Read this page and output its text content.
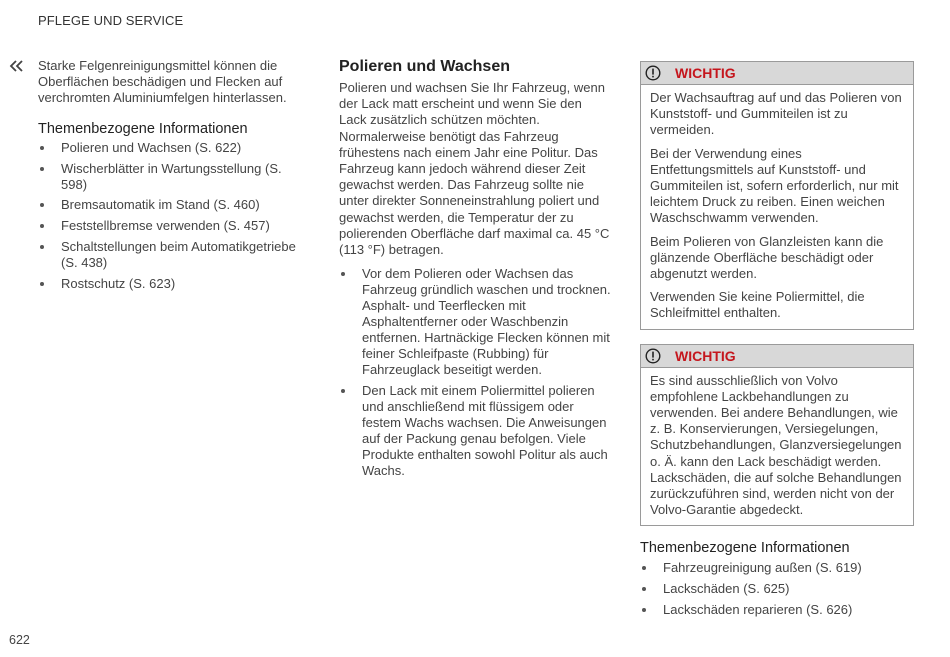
PFLEGE UND SERVICE

Starke Felgenreinigungsmittel können die Oberflächen beschädigen und Flecken auf verchromten Aluminiumfelgen hinterlassen.

Themenbezogene Informationen
Polieren und Wachsen (S. 622)
Wischerblätter in Wartungsstellung (S. 598)
Bremsautomatik im Stand (S. 460)
Feststellbremse verwenden (S. 457)
Schaltstellungen beim Automatikgetriebe (S. 438)
Rostschutz (S. 623)
Polieren und Wachsen

Polieren und wachsen Sie Ihr Fahrzeug, wenn der Lack matt erscheint und wenn Sie den Lack zusätzlich schützen möchten. Normalerweise benötigt das Fahrzeug frühestens nach einem Jahr eine Politur. Das Fahrzeug kann jedoch während dieser Zeit gewachst werden. Das Fahrzeug sollte nie unter direkter Sonneneinstrahlung poliert und gewachst werden, die Temperatur der zu polierenden Oberfläche darf maximal ca. 45 °C (113 °F) betragen.

Vor dem Polieren oder Wachsen das Fahrzeug gründlich waschen und trocknen. Asphalt- und Teerflecken mit Asphaltentferner oder Waschbenzin entfernen. Hartnäckige Flecken können mit feiner Schleifpaste (Rubbing) für Fahrzeuglack beseitigt werden.
Den Lack mit einem Poliermittel polieren und anschließend mit flüssigem oder festem Wachs wachsen. Die Anweisungen auf der Packung genau befolgen. Viele Produkte enthalten sowohl Politur als auch Wachs.
WICHTIG

Der Wachsauftrag auf und das Polieren von Kunststoff- und Gummiteilen ist zu vermeiden.

Bei der Verwendung eines Entfettungsmittels auf Kunststoff- und Gummiteilen ist, sofern erforderlich, nur mit leichtem Druck zu reiben. Einen weichen Waschschwamm verwenden.

Beim Polieren von Glanzleisten kann die glänzende Oberfläche beschädigt oder abgenutzt werden.

Verwenden Sie keine Poliermittel, die Schleifmittel enthalten.

WICHTIG

Es sind ausschließlich von Volvo empfohlene Lackbehandlungen zu verwenden. Bei andere Behandlungen, wie z. B. Konservierungen, Versiegelungen, Schutzbehandlungen, Glanzversiegelungen o. Ä. kann den Lack beschädigt werden. Lackschäden, die auf solche Behandlungen zurückzuführen sind, werden nicht von der Volvo-Garantie abgedeckt.

Themenbezogene Informationen
Fahrzeugreinigung außen (S. 619)
Lackschäden (S. 625)
Lackschäden reparieren (S. 626)
622
